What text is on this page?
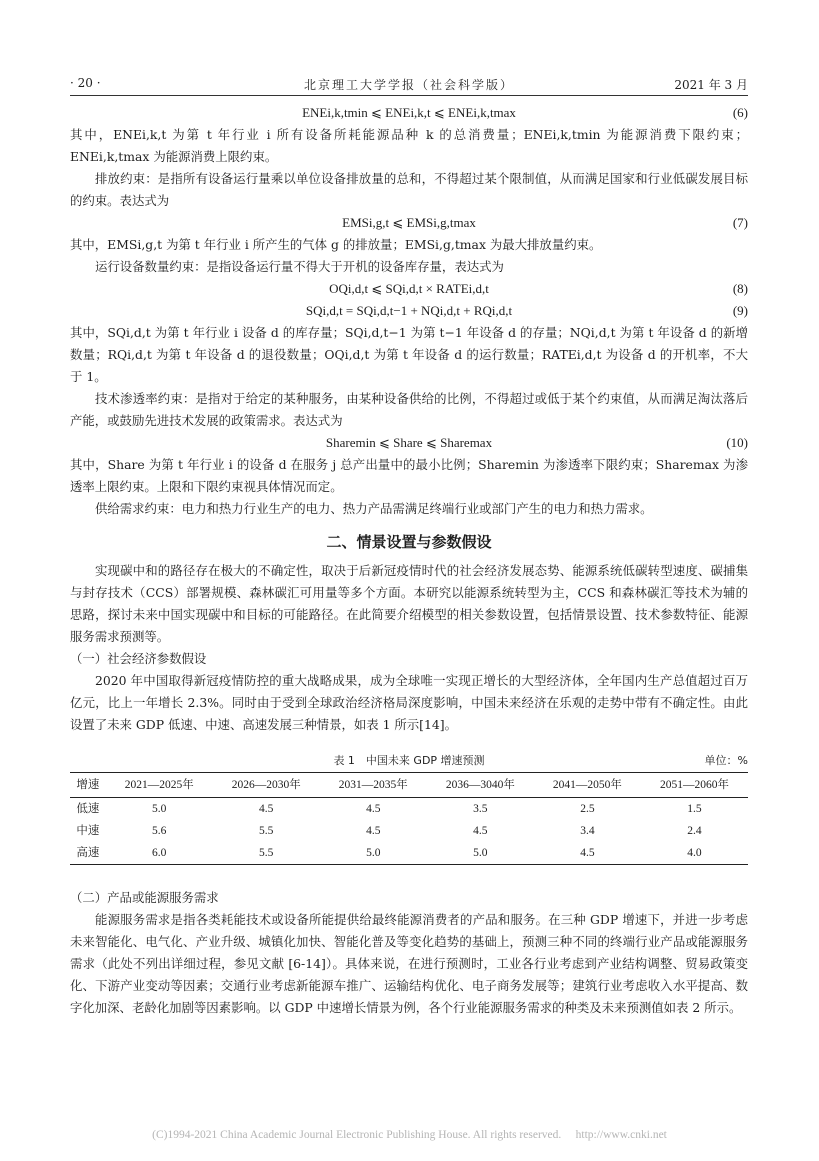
· 20 ·	北京理工大学学报（社会科学版）	2021 年 3 月
ENEi,k,tmin ⩽ ENEi,k,t ⩽ ENEi,k,tmax	(6)

其中，ENEi,k,t 为第 t 年行业 i 所有设备所耗能源品种 k 的总消费量；ENEi,k,tmin 为能源消费下限约束；ENEi,k,tmax 为能源消费上限约束。

排放约束：是指所有设备运行量乘以单位设备排放量的总和，不得超过某个限制值，从而满足国家和行业低碳发展目标的约束。表达式为

EMSi,g,t ⩽ EMSi,g,tmax	(7)

其中，EMSi,g,t 为第 t 年行业 i 所产生的气体 g 的排放量；EMSi,g,tmax 为最大排放量约束。

运行设备数量约束：是指设备运行量不得大于开机的设备库存量，表达式为

OQi,d,t ⩽ SQi,d,t × RATEi,d,t	(8)
SQi,d,t = SQi,d,t−1 + NQi,d,t + RQi,d,t	(9)

其中，SQi,d,t 为第 t 年行业 i 设备 d 的库存量；SQi,d,t−1 为第 t−1 年设备 d 的存量；NQi,d,t 为第 t 年设备 d 的新增数量；RQi,d,t 为第 t 年设备 d 的退役数量；OQi,d,t 为第 t 年设备 d 的运行数量；RATEi,d,t 为设备 d 的开机率，不大于 1。

技术渗透率约束：是指对于给定的某种服务，由某种设备供给的比例，不得超过或低于某个约束值，从而满足淘汰落后产能，或鼓励先进技术发展的政策需求。表达式为

Sharemin ⩽ Share ⩽ Sharemax	(10)

其中，Share 为第 t 年行业 i 的设备 d 在服务 j 总产出量中的最小比例；Sharemin 为渗透率下限约束；Sharemax 为渗透率上限约束。上限和下限约束视具体情况而定。

供给需求约束：电力和热力行业生产的电力、热力产品需满足终端行业或部门产生的电力和热力需求。

二、情景设置与参数假设

实现碳中和的路径存在极大的不确定性，取决于后新冠疫情时代的社会经济发展态势、能源系统低碳转型速度、碳捕集与封存技术（CCS）部署规模、森林碳汇可用量等多个方面。本研究以能源系统转型为主，CCS 和森林碳汇等技术为辅的思路，探讨未来中国实现碳中和目标的可能路径。在此简要介绍模型的相关参数设置，包括情景设置、技术参数特征、能源服务需求预测等。

（一）社会经济参数假设

2020 年中国取得新冠疫情防控的重大战略成果，成为全球唯一实现正增长的大型经济体，全年国内生产总值超过百万亿元，比上一年增长 2.3%。同时由于受到全球政治经济格局深度影响，中国未来经济在乐观的走势中带有不确定性。由此设置了未来 GDP 低速、中速、高速发展三种情景，如表 1 所示[14]。

表 1　中国未来 GDP 增速预测	单位：%
增速	2021—2025年	2026—2030年	2031—2035年	2036—3040年	2041—2050年	2051—2060年
低速	5.0	4.5	4.5	3.5	2.5	1.5
中速	5.6	5.5	4.5	4.5	3.4	2.4
高速	6.0	5.5	5.0	5.0	4.5	4.0

（二）产品或能源服务需求

能源服务需求是指各类耗能技术或设备所能提供给最终能源消费者的产品和服务。在三种 GDP 增速下，并进一步考虑未来智能化、电气化、产业升级、城镇化加快、智能化普及等变化趋势的基础上，预测三种不同的终端行业产品或能源服务需求（此处不列出详细过程，参见文献 [6-14]）。具体来说，在进行预测时，工业各行业考虑到产业结构调整、贸易政策变化、下游产业变动等因素；交通行业考虑新能源车推广、运输结构优化、电子商务发展等；建筑行业考虑收入水平提高、数字化加深、老龄化加剧等因素影响。以 GDP 中速增长情景为例，各个行业能源服务需求的种类及未来预测值如表 2 所示。

(C)1994-2021 China Academic Journal Electronic Publishing House. All rights reserved.　 http://www.cnki.net
